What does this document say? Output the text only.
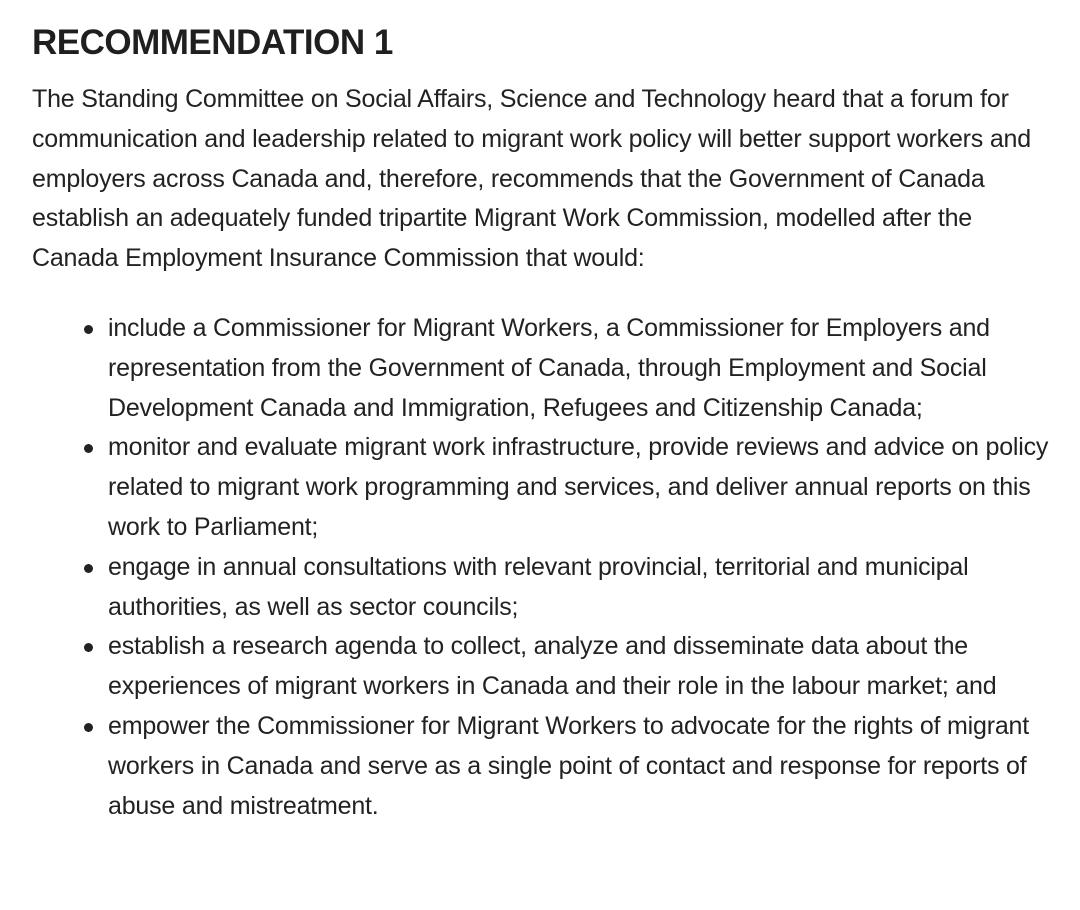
RECOMMENDATION 1

The Standing Committee on Social Affairs, Science and Technology heard that a forum for communication and leadership related to migrant work policy will better support workers and employers across Canada and, therefore, recommends that the Government of Canada establish an adequately funded tripartite Migrant Work Commission, modelled after the Canada Employment Insurance Commission that would:

include a Commissioner for Migrant Workers, a Commissioner for Employers and representation from the Government of Canada, through Employment and Social Development Canada and Immigration, Refugees and Citizenship Canada;
monitor and evaluate migrant work infrastructure, provide reviews and advice on policy related to migrant work programming and services, and deliver annual reports on this work to Parliament;
engage in annual consultations with relevant provincial, territorial and municipal authorities, as well as sector councils;
establish a research agenda to collect, analyze and disseminate data about the experiences of migrant workers in Canada and their role in the labour market; and
empower the Commissioner for Migrant Workers to advocate for the rights of migrant workers in Canada and serve as a single point of contact and response for reports of abuse and mistreatment.
